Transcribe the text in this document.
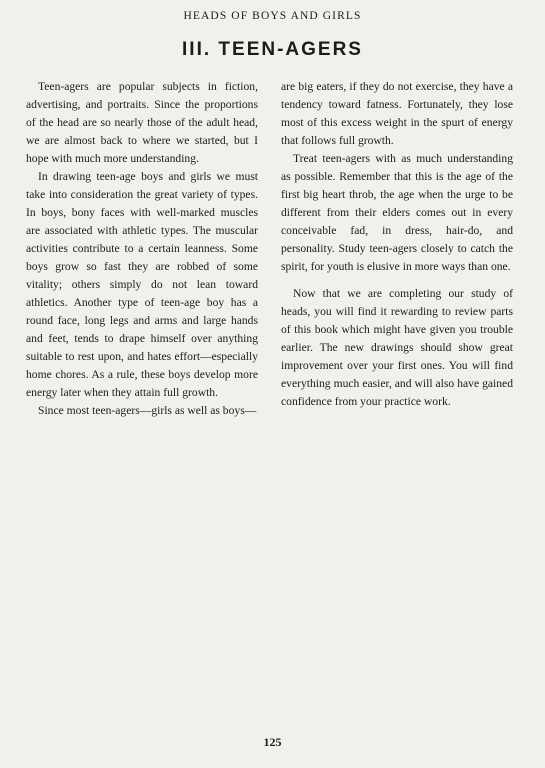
HEADS OF BOYS AND GIRLS
III. TEEN-AGERS

Teen-agers are popular subjects in fiction, advertising, and portraits. Since the proportions of the head are so nearly those of the adult head, we are almost back to where we started, but I hope with much more understanding.

In drawing teen-age boys and girls we must take into consideration the great variety of types. In boys, bony faces with well-marked muscles are associated with athletic types. The muscular activities contribute to a certain leanness. Some boys grow so fast they are robbed of some vitality; others simply do not lean toward athletics. Another type of teen-age boy has a round face, long legs and arms and large hands and feet, tends to drape himself over anything suitable to rest upon, and hates effort—especially home chores. As a rule, these boys develop more energy later when they attain full growth.

Since most teen-agers—girls as well as boys—

are big eaters, if they do not exercise, they have a tendency toward fatness. Fortunately, they lose most of this excess weight in the spurt of energy that follows full growth.

Treat teen-agers with as much understanding as possible. Remember that this is the age of the first big heart throb, the age when the urge to be different from their elders comes out in every conceivable fad, in dress, hair-do, and personality. Study teen-agers closely to catch the spirit, for youth is elusive in more ways than one.

Now that we are completing our study of heads, you will find it rewarding to review parts of this book which might have given you trouble earlier. The new drawings should show great improvement over your first ones. You will find everything much easier, and will also have gained confidence from your practice work.

125
